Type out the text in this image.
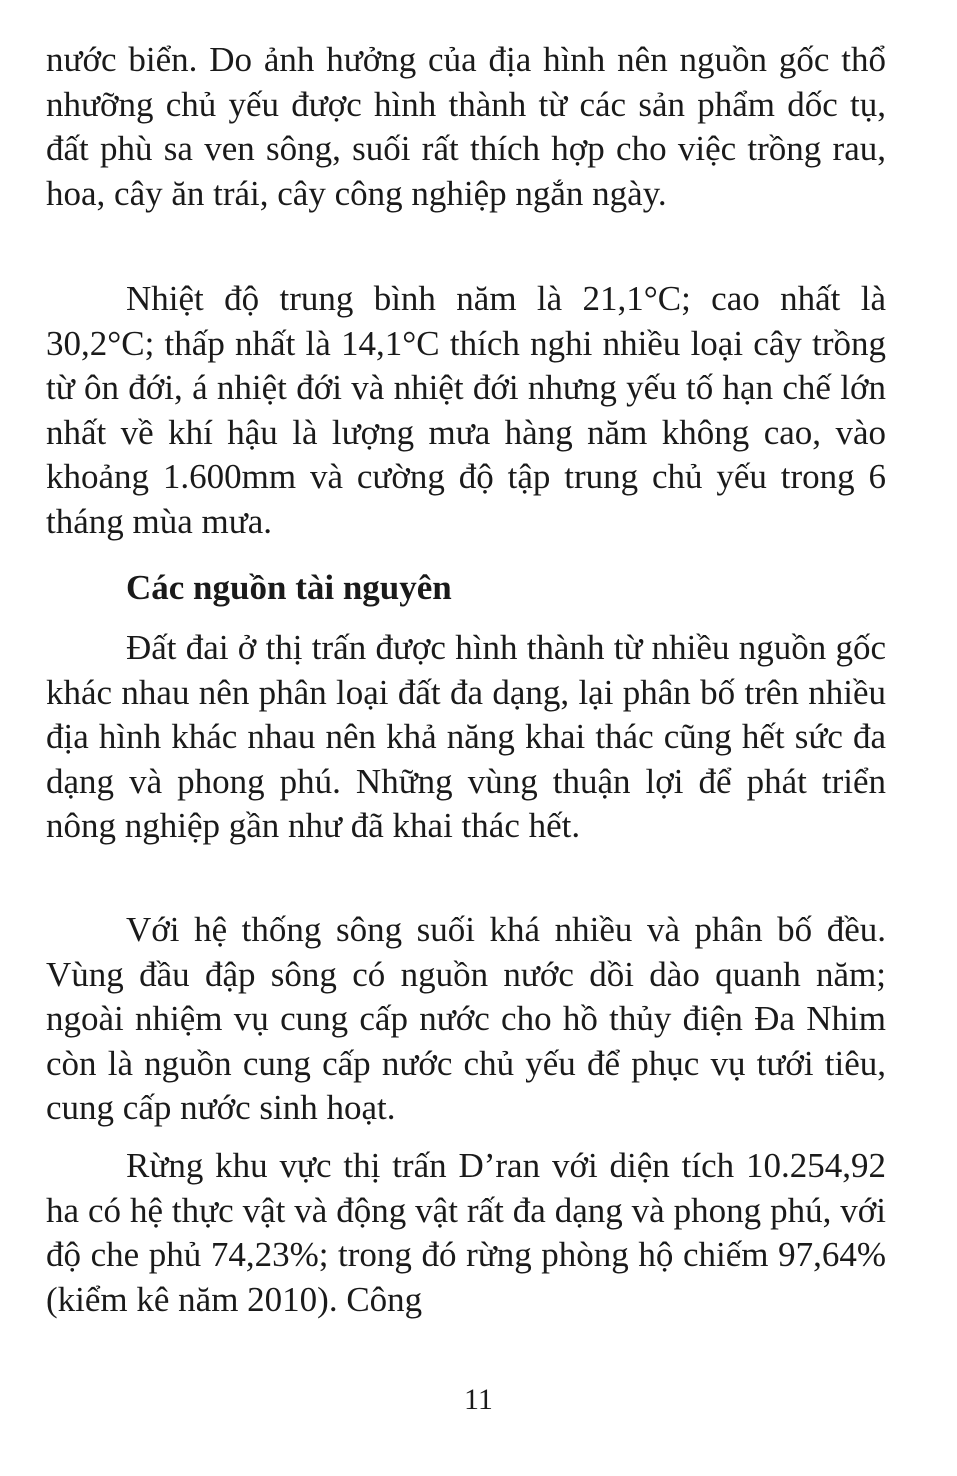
nước biển. Do ảnh hưởng của địa hình nên nguồn gốc thổ nhưỡng chủ yếu được hình thành từ các sản phẩm dốc tụ, đất phù sa ven sông, suối rất thích hợp cho việc trồng rau, hoa, cây ăn trái, cây công nghiệp ngắn ngày.

Nhiệt độ trung bình năm là 21,1°C; cao nhất là 30,2°C; thấp nhất là 14,1°C thích nghi nhiều loại cây trồng từ ôn đới, á nhiệt đới và nhiệt đới nhưng yếu tố hạn chế lớn nhất về khí hậu là lượng mưa hàng năm không cao, vào khoảng 1.600mm và cường độ tập trung chủ yếu trong 6 tháng mùa mưa.

Các nguồn tài nguyên

Đất đai ở thị trấn được hình thành từ nhiều nguồn gốc khác nhau nên phân loại đất đa dạng, lại phân bố trên nhiều địa hình khác nhau nên khả năng khai thác cũng hết sức đa dạng và phong phú. Những vùng thuận lợi để phát triển nông nghiệp gần như đã khai thác hết.

Với hệ thống sông suối khá nhiều và phân bố đều. Vùng đầu đập sông có nguồn nước dồi dào quanh năm; ngoài nhiệm vụ cung cấp nước cho hồ thủy điện Đa Nhim còn là nguồn cung cấp nước chủ yếu để phục vụ tưới tiêu, cung cấp nước sinh hoạt.

Rừng khu vực thị trấn D’ran với diện tích 10.254,92 ha có hệ thực vật và động vật rất đa dạng và phong phú, với độ che phủ 74,23%; trong đó rừng phòng hộ chiếm 97,64% (kiểm kê năm 2010). Công

11
